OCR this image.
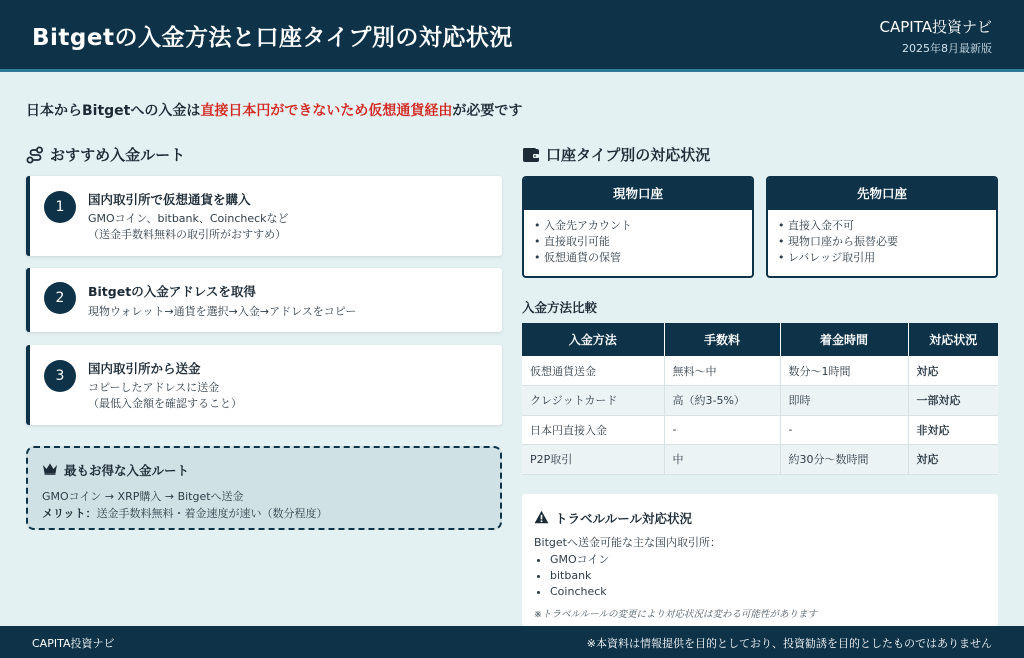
Bitgetの入金方法と口座タイプ別の対応状況	CAPITA投資ナビ
2025年8月最新版
日本からBitgetへの入金は直接日本円ができないため仮想通貨経由が必要です
おすすめ入金ルート
1	国内取引所で仮想通貨を購入
GMOコイン、bitbank、Coincheckなど
（送金手数料無料の取引所がおすすめ）
2	Bitgetの入金アドレスを取得
現物ウォレット→通貨を選択→入金→アドレスをコピー
3	国内取引所から送金
コピーしたアドレスに送金
（最低入金額を確認すること）
最もお得な入金ルート
GMOコイン → XRP購入 → Bitgetへ送金
メリット：送金手数料無料・着金速度が速い（数分程度）
口座タイプ別の対応状況
現物口座
• 入金先アカウント
• 直接取引可能
• 仮想通貨の保管
先物口座
• 直接入金不可
• 現物口座から振替必要
• レバレッジ取引用
入金方法比較
入金方法	手数料	着金時間	対応状況
仮想通貨送金	無料～中	数分～1時間	対応
クレジットカード	高（約3-5%）	即時	一部対応
日本円直接入金	-	-	非対応
P2P取引	中	約30分～数時間	対応
トラベルルール対応状況
Bitgetへ送金可能な主な国内取引所：
• GMOコイン
• bitbank
• Coincheck
※トラベルルールの変更により対応状況は変わる可能性があります
CAPITA投資ナビ	※本資料は情報提供を目的としており、投資勧誘を目的としたものではありません
